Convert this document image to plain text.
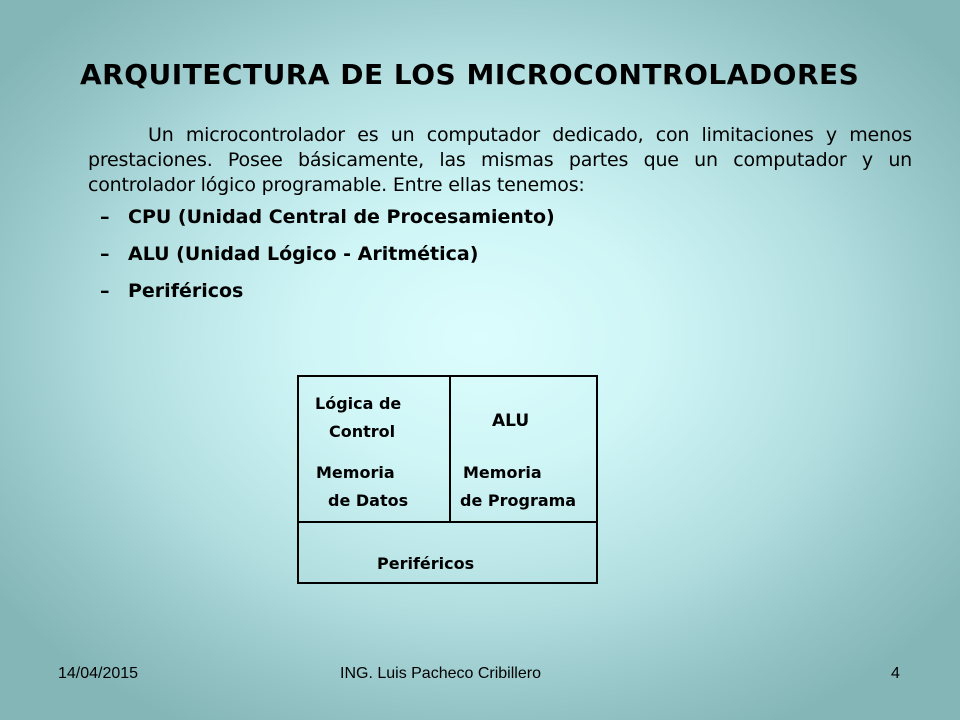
ARQUITECTURA DE LOS MICROCONTROLADORES
Un microcontrolador es un computador dedicado, con limitaciones y menos prestaciones. Posee básicamente, las mismas partes que un computador y un controlador lógico programable. Entre ellas tenemos:
– CPU (Unidad Central de Procesamiento)
– ALU (Unidad Lógico - Aritmética)
– Periféricos
Lógica de
Control
ALU
Memoria
de Datos
Memoria
de Programa
Periféricos
14/04/2015	ING. Luis Pacheco Cribillero	4
